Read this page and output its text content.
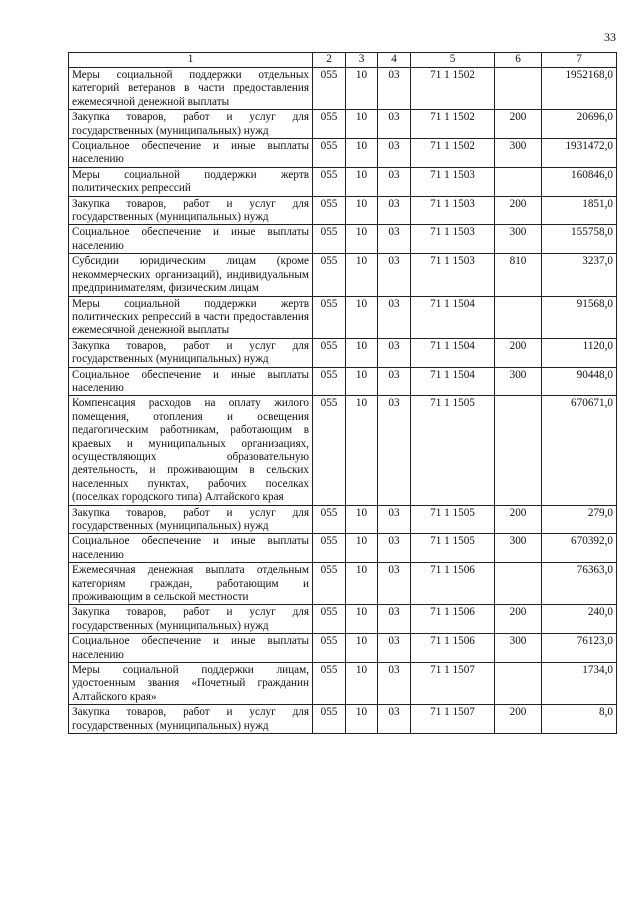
33
1	2	3	4	5	6	7
Меры социальной поддержки отдельных категорий ветеранов в части предоставления ежемесячной денежной выплаты	055	10	03	71 1 1502		1952168,0
Закупка товаров, работ и услуг для государственных (муниципальных) нужд	055	10	03	71 1 1502	200	20696,0
Социальное обеспечение и иные выплаты населению	055	10	03	71 1 1502	300	1931472,0
Меры социальной поддержки жертв политических репрессий	055	10	03	71 1 1503		160846,0
Закупка товаров, работ и услуг для государственных (муниципальных) нужд	055	10	03	71 1 1503	200	1851,0
Социальное обеспечение и иные выплаты населению	055	10	03	71 1 1503	300	155758,0
Субсидии юридическим лицам (кроме некоммерческих организаций), индивидуальным предпринимателям, физическим лицам	055	10	03	71 1 1503	810	3237,0
Меры социальной поддержки жертв политических репрессий в части предоставления ежемесячной денежной выплаты	055	10	03	71 1 1504		91568,0
Закупка товаров, работ и услуг для государственных (муниципальных) нужд	055	10	03	71 1 1504	200	1120,0
Социальное обеспечение и иные выплаты населению	055	10	03	71 1 1504	300	90448,0
Компенсация расходов на оплату жилого помещения, отопления и освещения педагогическим работникам, работающим в краевых и муниципальных организациях, осуществляющих образовательную деятельность, и проживающим в сельских населенных пунктах, рабочих поселках (поселках городского типа) Алтайского края	055	10	03	71 1 1505		670671,0
Закупка товаров, работ и услуг для государственных (муниципальных) нужд	055	10	03	71 1 1505	200	279,0
Социальное обеспечение и иные выплаты населению	055	10	03	71 1 1505	300	670392,0
Ежемесячная денежная выплата отдельным категориям граждан, работающим и проживающим в сельской местности	055	10	03	71 1 1506		76363,0
Закупка товаров, работ и услуг для государственных (муниципальных) нужд	055	10	03	71 1 1506	200	240,0
Социальное обеспечение и иные выплаты населению	055	10	03	71 1 1506	300	76123,0
Меры социальной поддержки лицам, удостоенным звания «Почетный гражданин Алтайского края»	055	10	03	71 1 1507		1734,0
Закупка товаров, работ и услуг для государственных (муниципальных) нужд	055	10	03	71 1 1507	200	8,0
